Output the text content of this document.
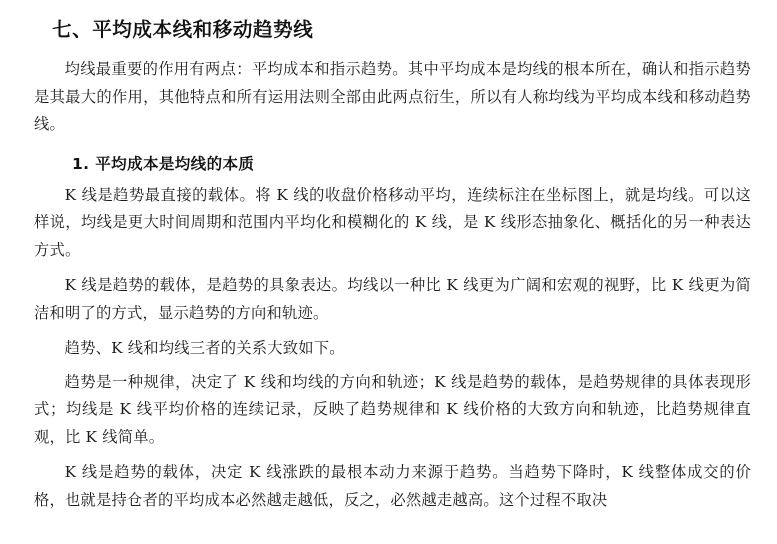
七、平均成本线和移动趋势线

均线最重要的作用有两点：平均成本和指示趋势。其中平均成本是均线的根本所在，确认和指示趋势是其最大的作用，其他特点和所有运用法则全部由此两点衍生，所以有人称均线为平均成本线和移动趋势线。

1. 平均成本是均线的本质

K 线是趋势最直接的载体。将 K 线的收盘价格移动平均，连续标注在坐标图上，就是均线。可以这样说，均线是更大时间周期和范围内平均化和模糊化的 K 线，是 K 线形态抽象化、概括化的另一种表达方式。

K 线是趋势的载体，是趋势的具象表达。均线以一种比 K 线更为广阔和宏观的视野，比 K 线更为简洁和明了的方式，显示趋势的方向和轨迹。

趋势、K 线和均线三者的关系大致如下。

趋势是一种规律，决定了 K 线和均线的方向和轨迹；K 线是趋势的载体，是趋势规律的具体表现形式；均线是 K 线平均价格的连续记录，反映了趋势规律和 K 线价格的大致方向和轨迹，比趋势规律直观，比 K 线简单。

K 线是趋势的载体，决定 K 线涨跌的最根本动力来源于趋势。当趋势下降时，K 线整体成交的价格，也就是持仓者的平均成本必然越走越低，反之，必然越走越高。这个过程不取决
